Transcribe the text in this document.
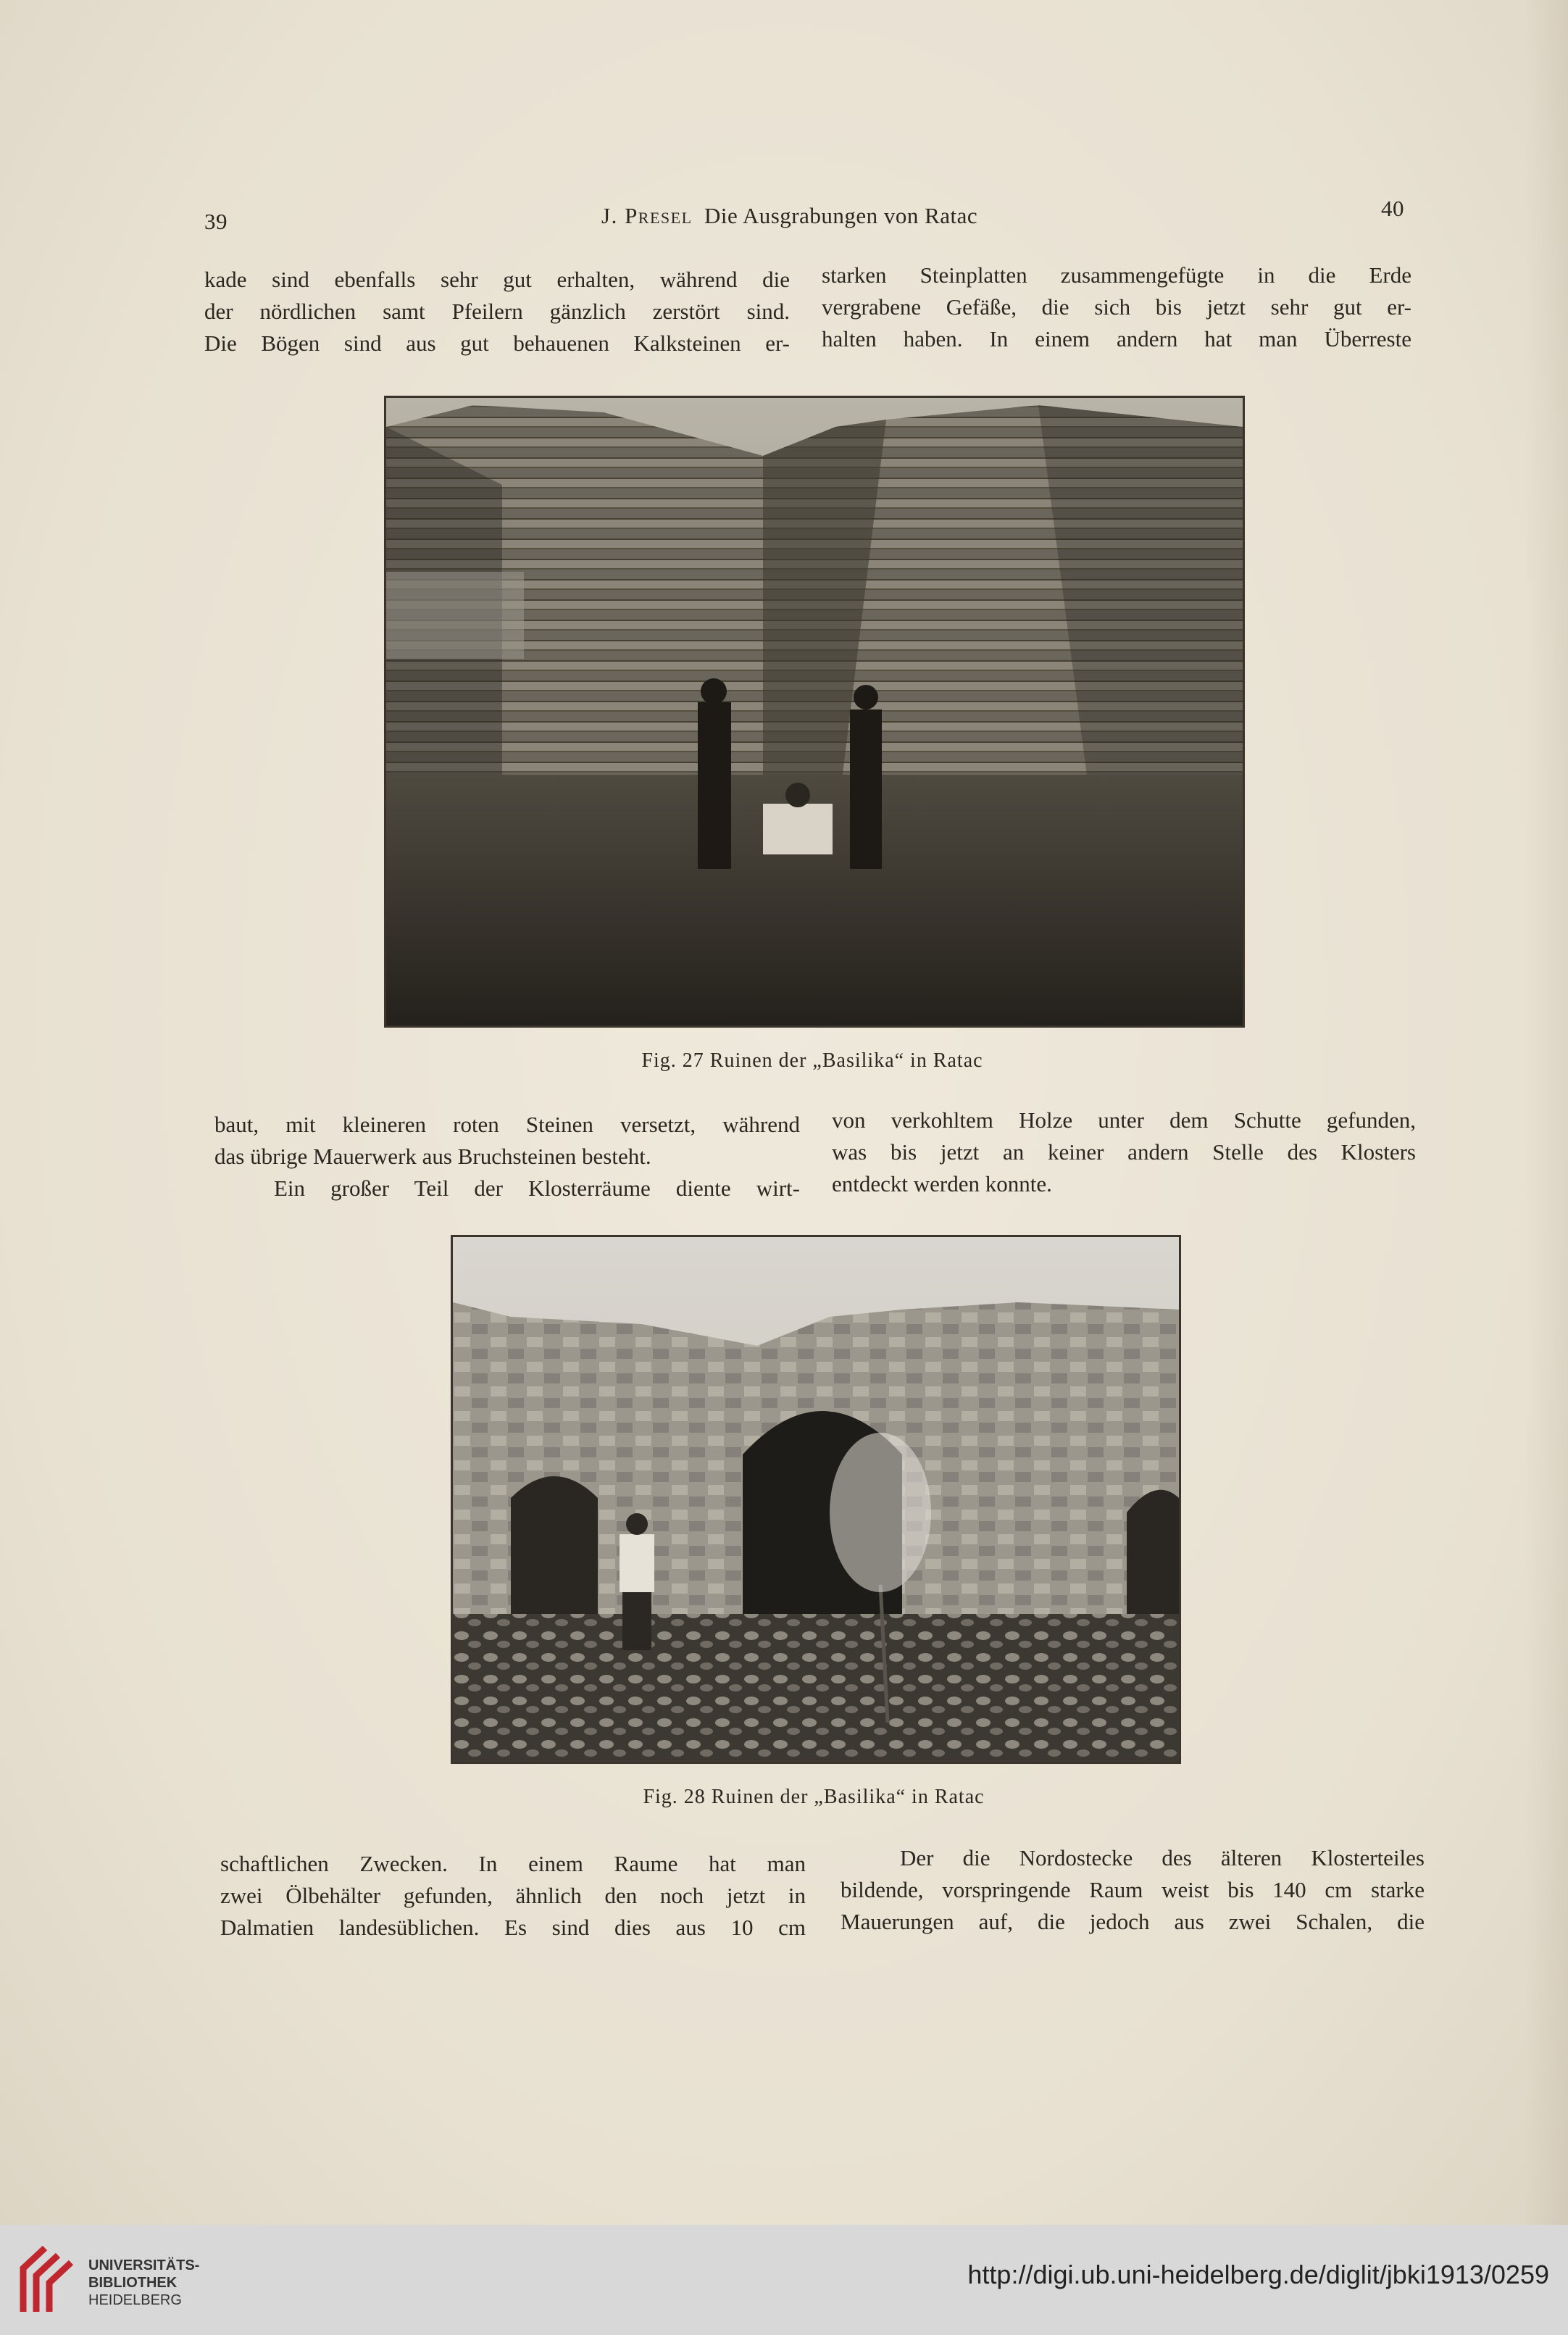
39	J. Presel Die Ausgrabungen von Ratac	40

kade sind ebenfalls sehr gut erhalten, während die

der nördlichen samt Pfeilern gänzlich zerstört sind.

Die Bögen sind aus gut behauenen Kalksteinen er-

starken Steinplatten zusammengefügte in die Erde

vergrabene Gefäße, die sich bis jetzt sehr gut er-

halten haben. In einem andern hat man Überreste

Fig. 27 Ruinen der „Basilika“ in Ratac

baut, mit kleineren roten Steinen versetzt, während

das übrige Mauerwerk aus Bruchsteinen besteht.

Ein großer Teil der Klosterräume diente wirt-

von verkohltem Holze unter dem Schutte gefunden,

was bis jetzt an keiner andern Stelle des Klosters

entdeckt werden konnte.

Fig. 28 Ruinen der „Basilika“ in Ratac

schaftlichen Zwecken. In einem Raume hat man

zwei Ölbehälter gefunden, ähnlich den noch jetzt in

Dalmatien landesüblichen. Es sind dies aus 10 cm

Der die Nordostecke des älteren Klosterteiles

bildende, vorspringende Raum weist bis 140 cm starke

Mauerungen auf, die jedoch aus zwei Schalen, die

UNIVERSITÄTS-
BIBLIOTHEK
HEIDELBERG
http://digi.ub.uni-heidelberg.de/diglit/jbki1913/0259
